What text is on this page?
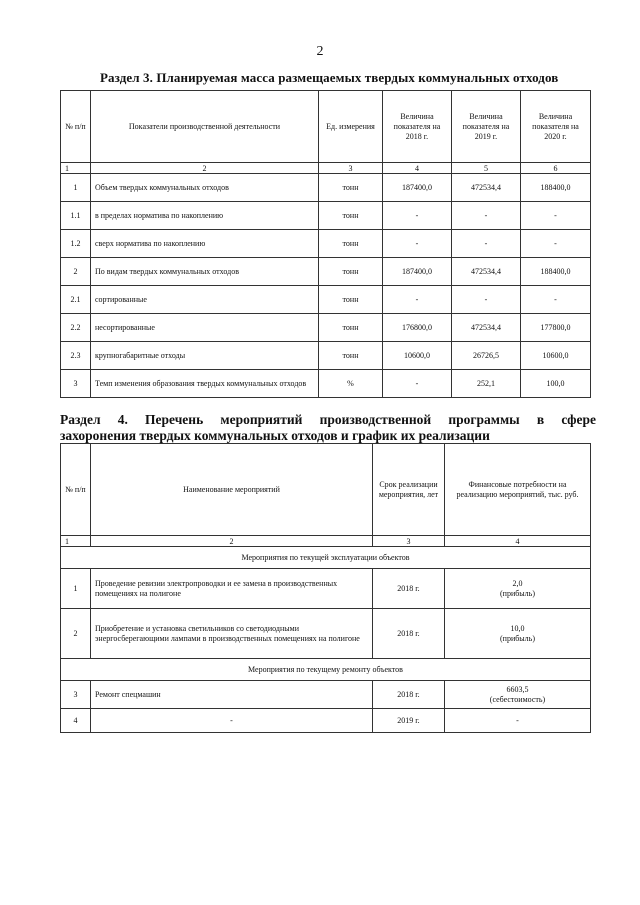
2
Раздел 3. Планируемая масса размещаемых твердых коммунальных отходов
№ п/п	Показатели производственной деятельности	Ед. измерения	Величина показателя на 2018 г.	Величина показателя на 2019 г.	Величина показателя на 2020 г.
1	2	3	4	5	6
1	Объем твердых коммунальных отходов	тонн	187400,0	472534,4	188400,0
1.1	в пределах норматива по накоплению	тонн	-	-	-
1.2	сверх норматива по накоплению	тонн	-	-	-
2	По видам твердых коммунальных отходов	тонн	187400,0	472534,4	188400,0
2.1	сортированные	тонн	-	-	-
2.2	несортированные	тонн	176800,0	472534,4	177800,0
2.3	крупногабаритные отходы	тонн	10600,0	26726,5	10600,0
3	Темп изменения образования твердых коммунальных отходов	%	-	252,1	100,0
Раздел 4. Перечень мероприятий производственной программы в сфере
захоронения твердых коммунальных отходов и график их реализации
№ п/п	Наименование мероприятий	Срок реализации мероприятия, лет	Финансовые потребности на реализацию мероприятий, тыс. руб.
1	2	3	4
Мероприятия по текущей эксплуатации объектов			
1	Проведение ревизии электропроводки и ее замена в производственных помещениях на полигоне	2018 г.	2,0
(прибыль)
2	Приобретение и установка светильников со светодиодными энергосберегающими лампами в производственных помещениях на полигоне	2018 г.	10,0
(прибыль)
Мероприятия по текущему ремонту объектов			
3	Ремонт спецмашин	2018 г.	6603,5
(себестоимость)
4	-	2019 г.	-
